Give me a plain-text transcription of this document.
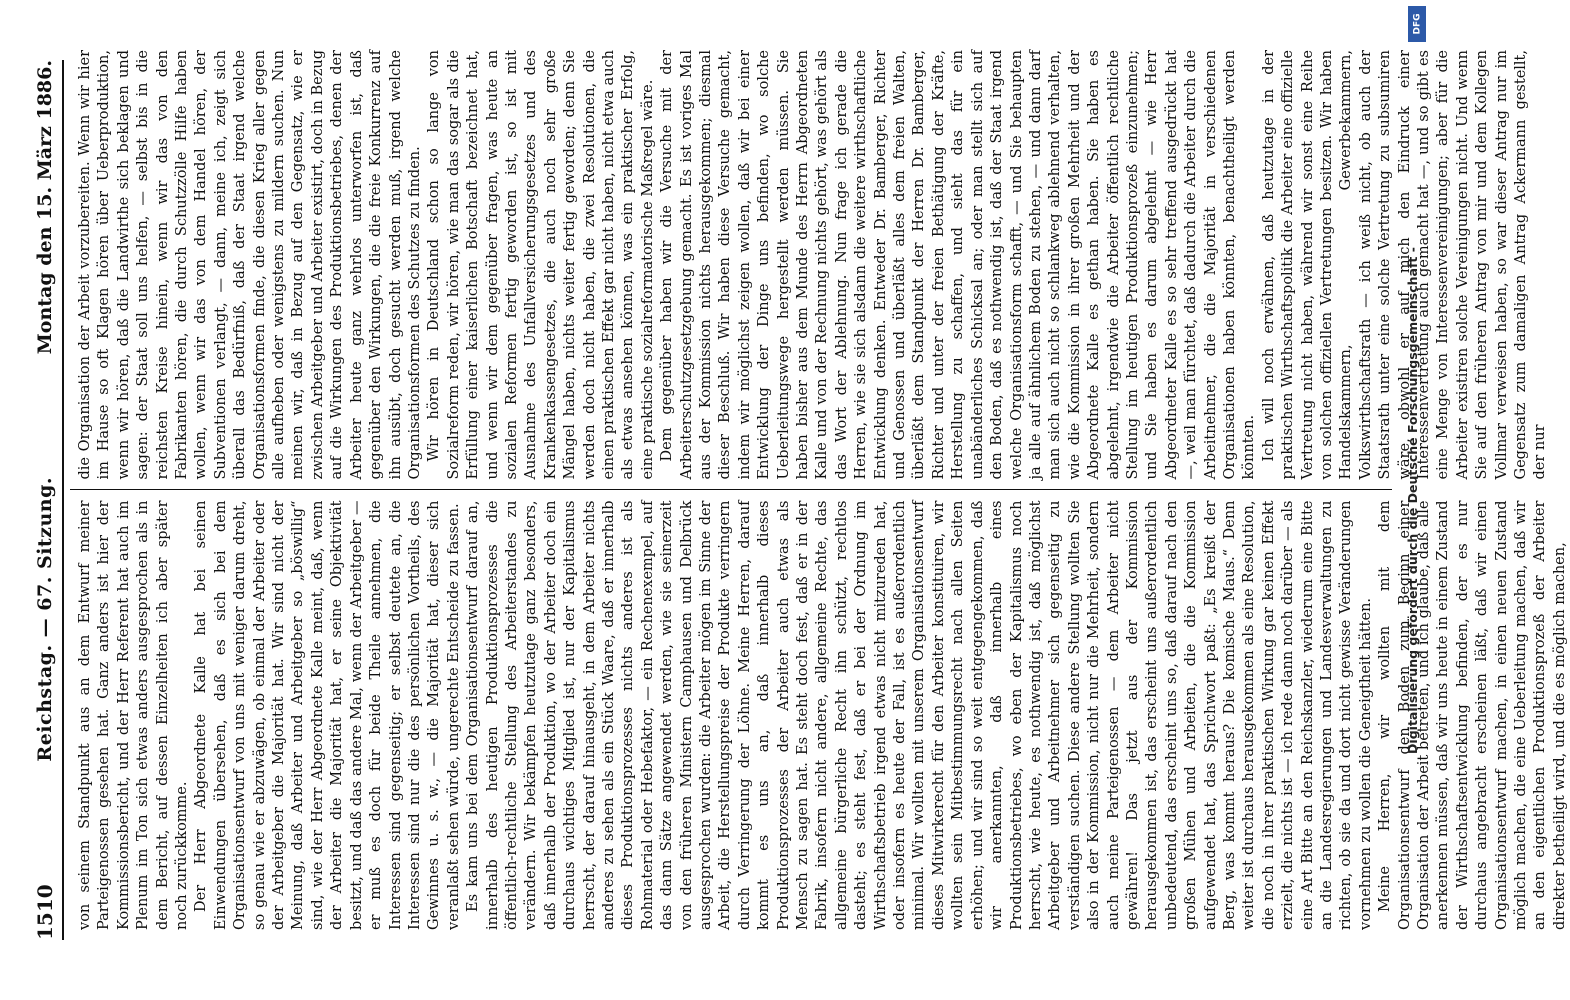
1510
Reichstag. — 67. Sitzung.
Montag den 15. März 1886.

von seinem Standpunkt aus an dem Entwurf meiner Parteigenossen gesehen hat. Ganz anders ist hier der Kommissionsbericht, und der Herr Referent hat auch im Plenum im Ton sich etwas anders ausgesprochen als in dem Bericht, auf dessen Einzelheiten ich aber später noch zurückkomme. Der Herr Abgeordnete Kalle hat bei seinen Einwendungen übersehen, daß es sich bei dem Organisationsentwurf von uns mit weniger darum dreht, so genau wie er abzuwägen, ob einmal der Arbeiter oder der Arbeitgeber die Majorität hat. Wir sind nicht der Meinung, daß Arbeiter und Arbeitgeber so „böswillig“ sind, wie der Herr Abgeordnete Kalle meint, daß, wenn der Arbeiter die Majorität hat, er seine Objektivität besitzt, und daß das andere Mal, wenn der Arbeitgeber — er muß es doch für beide Theile annehmen, die Interessen sind gegenseitig; er selbst deutete an, die Interessen sind nur die des persönlichen Vortheils, des Gewinnes u. s. w., — die Majorität hat, dieser sich veranlaßt sehen würde, ungerechte Entscheide zu fassen. Es kam uns bei dem Organisationsentwurf darauf an, innerhalb des heutigen Produktionsprozesses die öffentlich-rechtliche Stellung des Arbeiterstandes zu verändern. Wir bekämpfen heutzutage ganz besonders, daß innerhalb der Produktion, wo der Arbeiter doch ein durchaus wichtiges Mitglied ist, nur der Kapitalismus herrscht, der darauf hinausgeht, in dem Arbeiter nichts anderes zu sehen als ein Stück Waare, daß er innerhalb dieses Produktionsprozesses nichts anderes ist als Rohmaterial oder Hebefaktor, — ein Rechenexempel, auf das dann Sätze angewendet werden, wie sie seinerzeit von den früheren Ministern Camphausen und Delbrück ausgesprochen wurden: die Arbeiter mögen im Sinne der Arbeit, die Herstellungspreise der Produkte verringern durch Verringerung der Löhne. Meine Herren, darauf kommt es uns an, daß innerhalb dieses Produktionsprozesses der Arbeiter auch etwas als Mensch zu sagen hat. Es steht doch fest, daß er in der Fabrik, insofern nicht andere, allgemeine Rechte, das allgemeine bürgerliche Recht ihn schützt, rechtlos dasteht; es steht fest, daß er bei der Ordnung im Wirthschaftsbetrieb irgend etwas nicht mitzureden hat, oder insofern es heute der Fall, ist es außerordentlich minimal. Wir wollten mit unserem Organisationsentwurf dieses Mitwirkerecht für den Arbeiter konstituiren, wir wollten sein Mitbestimmungsrecht nach allen Seiten erhöhen; und wir sind so weit entgegengekommen, daß wir anerkannten, daß innerhalb eines Produktionsbetriebes, wo eben der Kapitalismus noch herrscht, wie heute, es nothwendig ist, daß möglichst Arbeitgeber und Arbeitnehmer sich gegenseitig zu verständigen suchen. Diese andere Stellung wollten Sie also in der Kommission, nicht nur die Mehrheit, sondern auch meine Parteigenossen — dem Arbeiter nicht gewähren! Das jetzt aus der Kommission herausgekommen ist, das erscheint uns außerordentlich unbedeutend, das erscheint uns so, daß darauf nach den großen Mühen und Arbeiten, die die Kommission aufgewendet hat, das Sprichwort paßt: „Es kreißt der Berg, was kommt heraus? Die komische Maus.“ Denn weiter ist durchaus herausgekommen als eine Resolution, die noch in ihrer praktischen Wirkung gar keinen Effekt erzielt, die nichts ist — ich rede dann noch darüber — als eine Art Bitte an den Reichskanzler, wiederum eine Bitte an die Landesregierungen und Landesverwaltungen zu richten, ob sie da und dort nicht gewisse Veränderungen vornehmen zu wollen die Geneigtheit hätten. Meine Herren, wir wollten mit dem Organisationsentwurf den Boden zum Beginn einer Organisation der Arbeit betreten, und ich glaube, daß alle anerkennen müssen, daß wir uns heute in einem Zustand der Wirthschaftsentwicklung befinden, der es nur durchaus angebracht erscheinen läßt, daß wir einen Organisationsentwurf machen, in einen neuen Zustand möglich machen, die eine Ueberleitung machen, daß wir an den eigentlichen Produktionsprozeß der Arbeiter direkter betheiligt wird, und die es möglich machen,

die Organisation der Arbeit vorzubereiten. Wenn wir hier im Hause so oft Klagen hören über Ueberproduktion, wenn wir hören, daß die Landwirthe sich beklagen und sagen: der Staat soll uns helfen, — selbst bis in die reichsten Kreise hinein, wenn wir das von den Fabrikanten hören, die durch Schutzzölle Hilfe haben wollen, wenn wir das von dem Handel hören, der Subventionen verlangt, — dann, meine ich, zeigt sich überall das Bedürfniß, daß der Staat irgend welche Organisationsformen finde, die diesen Krieg aller gegen alle aufheben oder wenigstens zu mildern suchen. Nun meinen wir, daß in Bezug auf den Gegensatz, wie er zwischen Arbeitgeber und Arbeiter existirt, doch in Bezug auf die Wirkungen des Produktionsbetriebes, denen der Arbeiter heute ganz wehrlos unterworfen ist, daß gegenüber den Wirkungen, die die freie Konkurrenz auf ihn ausübt, doch gesucht werden muß, irgend welche Organisationsformen des Schutzes zu finden. Wir hören in Deutschland schon so lange von Sozialreform reden, wir hören, wie man das sogar als die Erfüllung einer kaiserlichen Botschaft bezeichnet hat, und wenn wir dem gegenüber fragen, was heute an sozialen Reformen fertig geworden ist, so ist mit Ausnahme des Unfallversicherungsgesetzes und des Krankenkassengesetzes, die auch noch sehr große Mängel haben, nichts weiter fertig geworden; denn Sie werden doch nicht haben, die zwei Resolutionen, die einen praktischen Effekt gar nicht haben, nicht etwa auch als etwas ansehen können, was ein praktischer Erfolg, eine praktische sozialreformatorische Maßregel wäre. Dem gegenüber haben wir die Versuche mit der Arbeiterschutzgesetzgebung gemacht. Es ist voriges Mal aus der Kommission nichts herausgekommen; diesmal dieser Beschluß. Wir haben diese Versuche gemacht, indem wir möglichst zeigen wollen, daß wir bei einer Entwicklung der Dinge uns befinden, wo solche Ueberleitungswege hergestellt werden müssen. Sie haben bisher aus dem Munde des Herrn Abgeordneten Kalle und von der Rechnung nichts gehört, was gehört als das Wort der Ablehnung. Nun frage ich gerade die Herren, wie sie sich alsdann die weitere wirthschaftliche Entwicklung denken. Entweder Dr. Bamberger, Richter und Genossen und überläßt alles dem freien Walten, überläßt dem Standpunkt der Herren Dr. Bamberger, Richter und unter der freien Bethätigung der Kräfte, Herstellung zu schaffen, und sieht das für ein unabänderliches Schicksal an; oder man stellt sich auf den Boden, daß es nothwendig ist, daß der Staat irgend welche Organisationsform schafft, — und Sie behaupten ja alle auf ähnlichem Boden zu stehen, — und dann darf man sich auch nicht so schlankweg ablehnend verhalten, wie die Kommission in ihrer großen Mehrheit und der Abgeordnete Kalle es gethan haben. Sie haben es abgelehnt, irgendwie die Arbeiter öffentlich rechtliche Stellung im heutigen Produktionsprozeß einzunehmen; und Sie haben es darum abgelehnt — wie Herr Abgeordneter Kalle es so sehr treffend ausgedrückt hat —, weil man fürchtet, daß dadurch die Arbeiter durch die Arbeitnehmer, die die Majorität in verschiedenen Organisationen haben könnten, benachtheiligt werden könnten. Ich will noch erwähnen, daß heutzutage in der praktischen Wirthschaftspolitik die Arbeiter eine offizielle Vertretung nicht haben, während wir sonst eine Reihe von solchen offiziellen Vertretungen besitzen. Wir haben Handelskammern, Gewerbekammern, Volkswirthschaftsrath — ich weiß nicht, ob auch der Staatsrath unter eine solche Vertretung zu subsumiren wäre, obwohl er auf mich den Eindruck einer Interessenvertretung auch gemacht hat —, und so gibt es eine Menge von Interessenvereinigungen; aber für die Arbeiter existiren solche Vereinigungen nicht. Und wenn Sie auf den früheren Antrag von mir und dem Kollegen Vollmar verweisen haben, so war dieser Antrag nur im Gegensatz zum damaligen Antrag Ackermann gestellt, der nur

DFG
Digitalisierung gefördert durch die Deutsche Forschungsgemeinschaft -
